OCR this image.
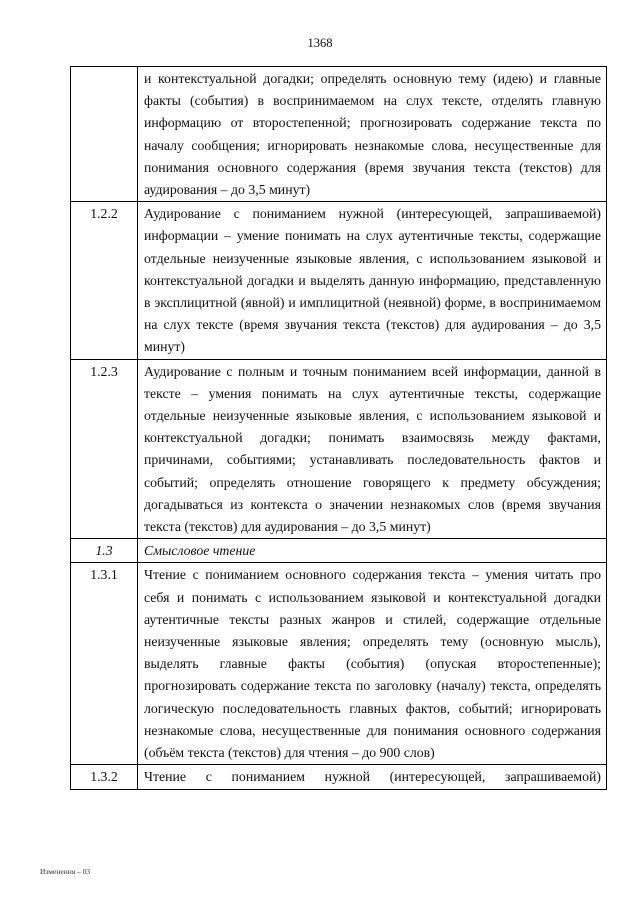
1368

	и контекстуальной догадки; определять основную тему (идею) и главные факты (события) в воспринимаемом на слух тексте, отделять главную информацию от второстепенной; прогнозировать содержание текста по началу сообщения; игнорировать незнакомые слова, несущественные для понимания основного содержания (время звучания текста (текстов) для аудирования – до 3,5 минут)

1.2.2	Аудирование с пониманием нужной (интересующей, запрашиваемой) информации – умение понимать на слух аутентичные тексты, содержащие отдельные неизученные языковые явления, с использованием языковой и контекстуальной догадки и выделять данную информацию, представленную в эксплицитной (явной) и имплицитной (неявной) форме, в воспринимаемом на слух тексте (время звучания текста (текстов) для аудирования – до 3,5 минут)

1.2.3	Аудирование с полным и точным пониманием всей информации, данной в тексте – умения понимать на слух аутентичные тексты, содержащие отдельные неизученные языковые явления, с использованием языковой и контекстуальной догадки; понимать взаимосвязь между фактами, причинами, событиями; устанавливать последовательность фактов и событий; определять отношение говорящего к предмету обсуждения; догадываться из контекста о значении незнакомых слов (время звучания текста (текстов) для аудирования – до 3,5 минут)

1.3	Смысловое чтение

1.3.1	Чтение с пониманием основного содержания текста – умения читать про себя и понимать с использованием языковой и контекстуальной догадки аутентичные тексты разных жанров и стилей, содержащие отдельные неизученные языковые явления; определять тему (основную мысль), выделять главные факты (события) (опуская второстепенные); прогнозировать содержание текста по заголовку (началу) текста, определять логическую последовательность главных фактов, событий; игнорировать незнакомые слова, несущественные для понимания основного содержания (объём текста (текстов) для чтения – до 900 слов)

1.3.2	Чтение с пониманием нужной (интересующей, запрашиваемой)
Изменения – 03
